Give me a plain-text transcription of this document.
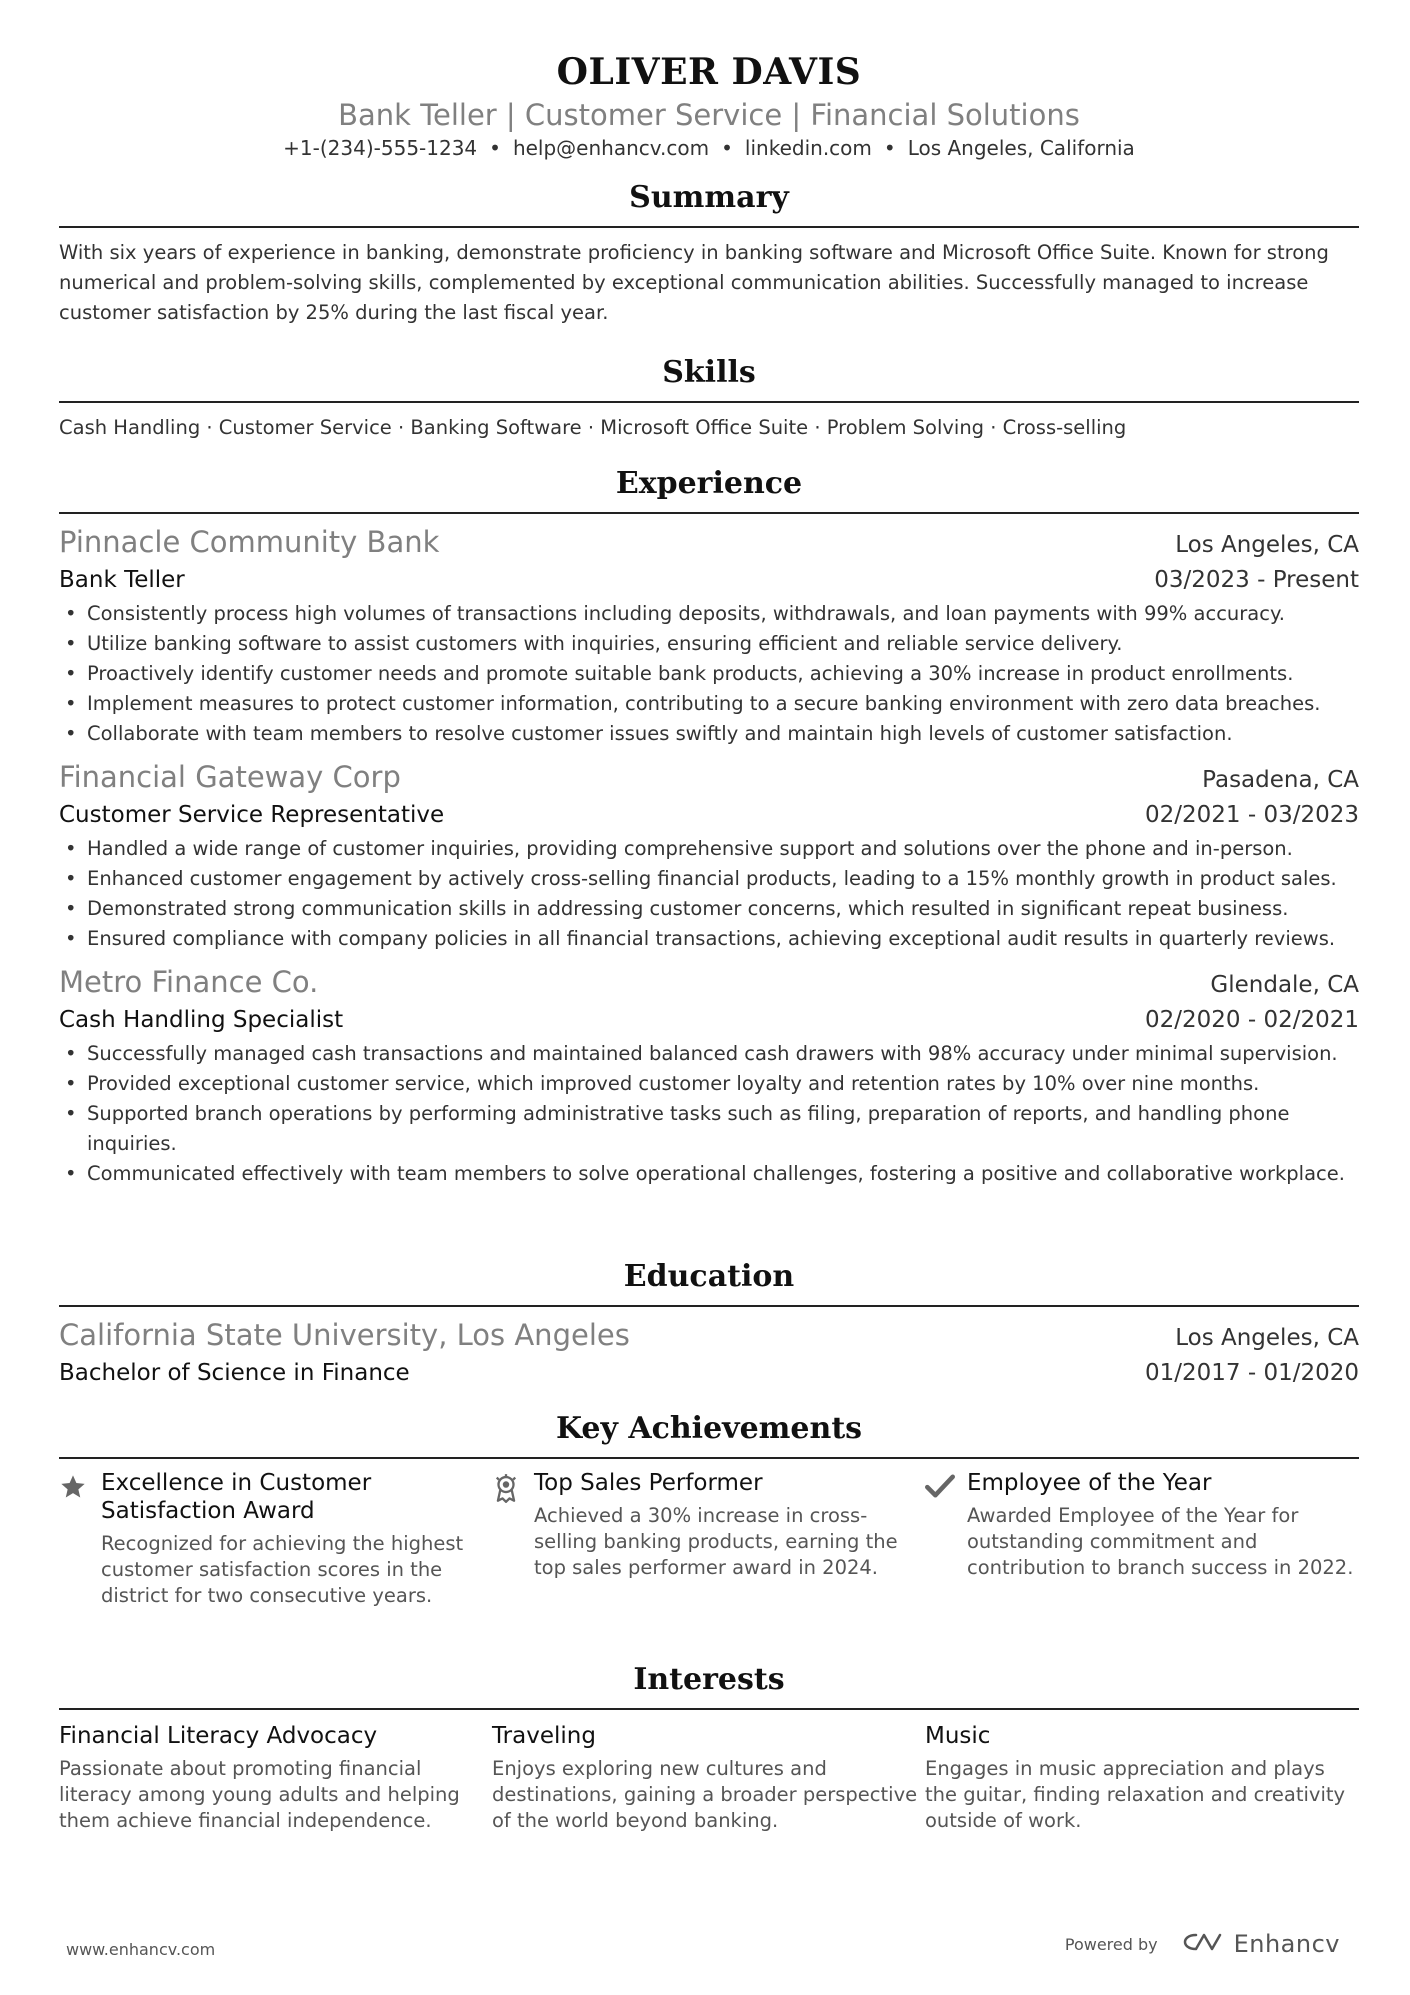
OLIVER DAVIS
Bank Teller | Customer Service | Financial Solutions
+1-(234)-555-1234 • help@enhancv.com • linkedin.com • Los Angeles, California
Summary
With six years of experience in banking, demonstrate proficiency in banking software and Microsoft Office Suite. Known for strong numerical and problem-solving skills, complemented by exceptional communication abilities. Successfully managed to increase customer satisfaction by 25% during the last fiscal year.
Skills
Cash Handling · Customer Service · Banking Software · Microsoft Office Suite · Problem Solving · Cross-selling
Experience
Pinnacle Community Bank	Los Angeles, CA
Bank Teller	03/2023 - Present
• Consistently process high volumes of transactions including deposits, withdrawals, and loan payments with 99% accuracy.
• Utilize banking software to assist customers with inquiries, ensuring efficient and reliable service delivery.
• Proactively identify customer needs and promote suitable bank products, achieving a 30% increase in product enrollments.
• Implement measures to protect customer information, contributing to a secure banking environment with zero data breaches.
• Collaborate with team members to resolve customer issues swiftly and maintain high levels of customer satisfaction.
Financial Gateway Corp	Pasadena, CA
Customer Service Representative	02/2021 - 03/2023
• Handled a wide range of customer inquiries, providing comprehensive support and solutions over the phone and in-person.
• Enhanced customer engagement by actively cross-selling financial products, leading to a 15% monthly growth in product sales.
• Demonstrated strong communication skills in addressing customer concerns, which resulted in significant repeat business.
• Ensured compliance with company policies in all financial transactions, achieving exceptional audit results in quarterly reviews.
Metro Finance Co.	Glendale, CA
Cash Handling Specialist	02/2020 - 02/2021
• Successfully managed cash transactions and maintained balanced cash drawers with 98% accuracy under minimal supervision.
• Provided exceptional customer service, which improved customer loyalty and retention rates by 10% over nine months.
• Supported branch operations by performing administrative tasks such as filing, preparation of reports, and handling phone inquiries.
• Communicated effectively with team members to solve operational challenges, fostering a positive and collaborative workplace.
Education
California State University, Los Angeles	Los Angeles, CA
Bachelor of Science in Finance	01/2017 - 01/2020
Key Achievements
Excellence in Customer Satisfaction Award
Recognized for achieving the highest customer satisfaction scores in the district for two consecutive years.
Top Sales Performer
Achieved a 30% increase in cross-selling banking products, earning the top sales performer award in 2024.
Employee of the Year
Awarded Employee of the Year for outstanding commitment and contribution to branch success in 2022.
Interests
Financial Literacy Advocacy
Passionate about promoting financial literacy among young adults and helping them achieve financial independence.
Traveling
Enjoys exploring new cultures and destinations, gaining a broader perspective of the world beyond banking.
Music
Engages in music appreciation and plays the guitar, finding relaxation and creativity outside of work.
www.enhancv.com	Powered by	Enhancv
